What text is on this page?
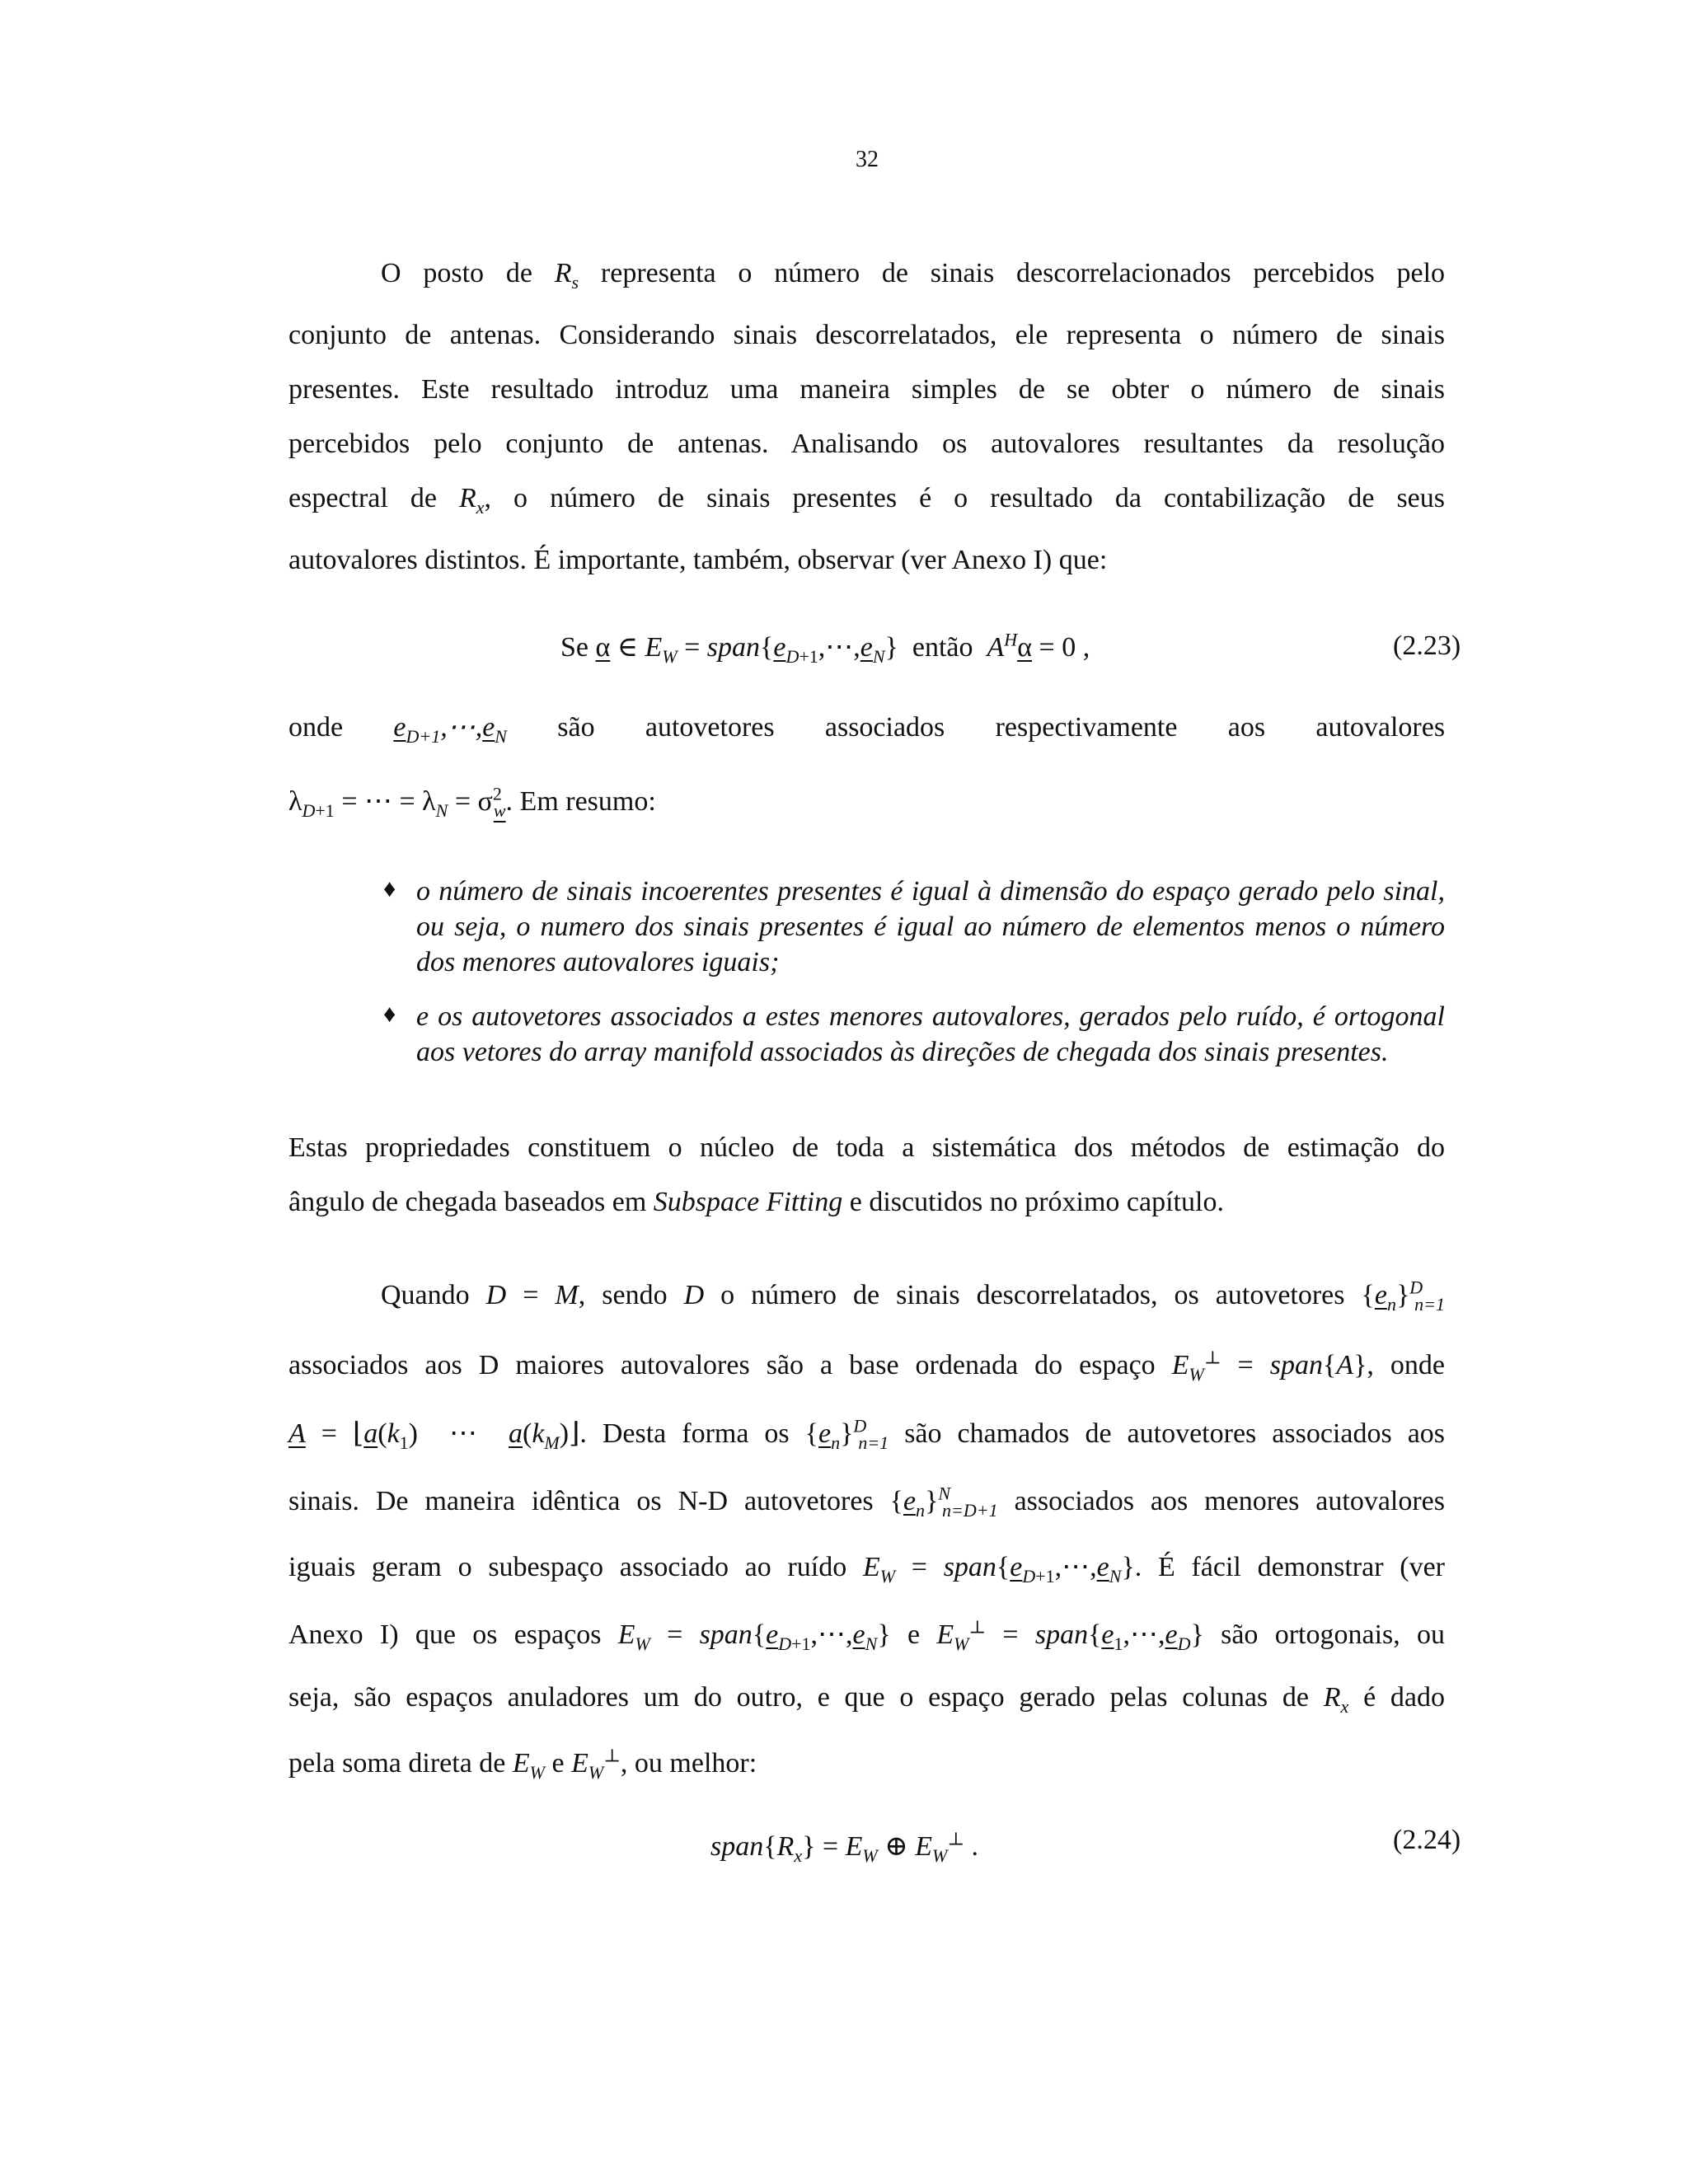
32
O posto de $R_s$ representa o número de sinais descorrelacionados percebidos pelo
conjunto de antenas. Considerando sinais descorrelatados, ele representa o número de sinais
presentes. Este resultado introduz uma maneira simples de se obter o número de sinais
percebidos pelo conjunto de antenas. Analisando os autovalores resultantes da resolução
espectral de $R_x$, o número de sinais presentes é o resultado da contabilização de seus
autovalores distintos. É importante, também, observar (ver Anexo I) que:
Se α ∈ $E_W$ = $span\{e_{D+1},\cdots,e_N\}$  então $A^H\alpha = 0$ ,	(2.23)
onde $e_{D+1},\cdots,e_N$ são autovetores associados respectivamente aos autovalores
$\lambda_{D+1}$ = ⋯ = $\lambda_N = \sigma^2_w$. Em resumo:
♦ o número de sinais incoerentes presentes é igual à dimensão do espaço gerado pelo sinal, ou seja, o numero dos sinais presentes é igual ao número de elementos menos o número dos menores autovalores iguais;
♦ e os autovetores associados a estes menores autovalores, gerados pelo ruído, é ortogonal aos vetores do array manifold associados às direções de chegada dos sinais presentes.
Estas propriedades constituem o núcleo de toda a sistemática dos métodos de estimação do
ângulo de chegada baseados em Subspace Fitting e discutidos no próximo capítulo.
Quando D = M, sendo D o número de sinais descorrelatados, os autovetores $\{e_n\}^D_{n=1}$
associados aos D maiores autovalores são a base ordenada do espaço $E_W^\perp$ = span{A}, onde
$A = ⌊a(k_1)$  ⋯  $a(k_M)⌋$. Desta forma os $\{e_n\}^D_{n=1}$ são chamados de autovetores associados aos
sinais. De maneira idêntica os N-D autovetores $\{e_n\}^N_{n=D+1}$ associados aos menores autovalores
iguais geram o subespaço associado ao ruído $E_W$ = $span\{e_{D+1},\cdots,e_N\}$. É fácil demonstrar (ver
Anexo I) que os espaços $E_W$ = $span\{e_{D+1},\cdots,e_N\}$ e $E_W^\perp$ = $span\{e_1,\cdots,e_D\}$ são ortogonais, ou
seja, são espaços anuladores um do outro, e que o espaço gerado pelas colunas de $R_x$ é dado
pela soma direta de $E_W$ e $E_W^\perp$, ou melhor:
$span\{R_x\} = E_W$ ⊕ $E_W^\perp$ .	(2.24)
